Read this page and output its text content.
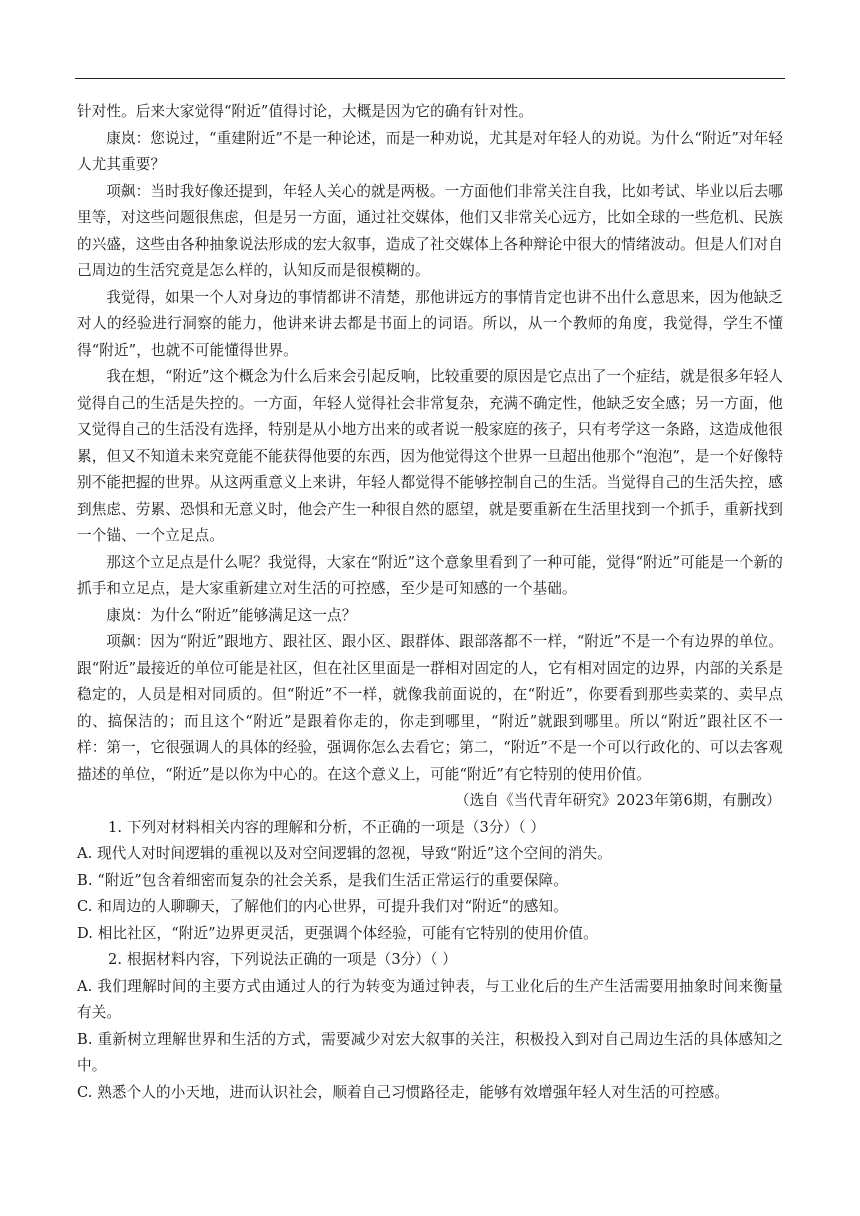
针对性。后来大家觉得“附近”值得讨论，大概是因为它的确有针对性。

康岚：您说过，“重建附近”不是一种论述，而是一种劝说，尤其是对年轻人的劝说。为什么“附近”对年轻人尤其重要？

项飙：当时我好像还提到，年轻人关心的就是两极。一方面他们非常关注自我，比如考试、毕业以后去哪里等，对这些问题很焦虑，但是另一方面，通过社交媒体，他们又非常关心远方，比如全球的一些危机、民族的兴盛，这些由各种抽象说法形成的宏大叙事，造成了社交媒体上各种辩论中很大的情绪波动。但是人们对自己周边的生活究竟是怎么样的，认知反而是很模糊的。

我觉得，如果一个人对身边的事情都讲不清楚，那他讲远方的事情肯定也讲不出什么意思来，因为他缺乏对人的经验进行洞察的能力，他讲来讲去都是书面上的词语。所以，从一个教师的角度，我觉得，学生不懂得“附近”，也就不可能懂得世界。

我在想，“附近”这个概念为什么后来会引起反响，比较重要的原因是它点出了一个症结，就是很多年轻人觉得自己的生活是失控的。一方面，年轻人觉得社会非常复杂，充满不确定性，他缺乏安全感；另一方面，他又觉得自己的生活没有选择，特别是从小地方出来的或者说一般家庭的孩子，只有考学这一条路，这造成他很累，但又不知道未来究竟能不能获得他要的东西，因为他觉得这个世界一旦超出他那个“泡泡”，是一个好像特别不能把握的世界。从这两重意义上来讲，年轻人都觉得不能够控制自己的生活。当觉得自己的生活失控，感到焦虑、劳累、恐惧和无意义时，他会产生一种很自然的愿望，就是要重新在生活里找到一个抓手，重新找到一个锚、一个立足点。

那这个立足点是什么呢？我觉得，大家在“附近”这个意象里看到了一种可能，觉得“附近”可能是一个新的抓手和立足点，是大家重新建立对生活的可控感，至少是可知感的一个基础。

康岚：为什么“附近”能够满足这一点？

项飙：因为“附近”跟地方、跟社区、跟小区、跟群体、跟部落都不一样，“附近”不是一个有边界的单位。跟“附近”最接近的单位可能是社区，但在社区里面是一群相对固定的人，它有相对固定的边界，内部的关系是稳定的，人员是相对同质的。但“附近”不一样，就像我前面说的，在“附近”，你要看到那些卖菜的、卖早点的、搞保洁的；而且这个“附近”是跟着你走的，你走到哪里，“附近”就跟到哪里。所以“附近”跟社区不一样：第一，它很强调人的具体的经验，强调你怎么去看它；第二，“附近”不是一个可以行政化的、可以去客观描述的单位，“附近”是以你为中心的。在这个意义上，可能“附近”有它特别的使用价值。

（选自《当代青年研究》2023年第6期，有删改）

1. 下列对材料相关内容的理解和分析，不正确的一项是（3分）（ ）

A. 现代人对时间逻辑的重视以及对空间逻辑的忽视，导致“附近”这个空间的消失。

B. “附近”包含着细密而复杂的社会关系，是我们生活正常运行的重要保障。

C. 和周边的人聊聊天，了解他们的内心世界，可提升我们对“附近”的感知。

D. 相比社区，“附近”边界更灵活，更强调个体经验，可能有它特别的使用价值。

2. 根据材料内容，下列说法正确的一项是（3分）（ ）

A. 我们理解时间的主要方式由通过人的行为转变为通过钟表，与工业化后的生产生活需要用抽象时间来衡量有关。

B. 重新树立理解世界和生活的方式，需要减少对宏大叙事的关注，积极投入到对自己周边生活的具体感知之中。

C. 熟悉个人的小天地，进而认识社会，顺着自己习惯路径走，能够有效增强年轻人对生活的可控感。
